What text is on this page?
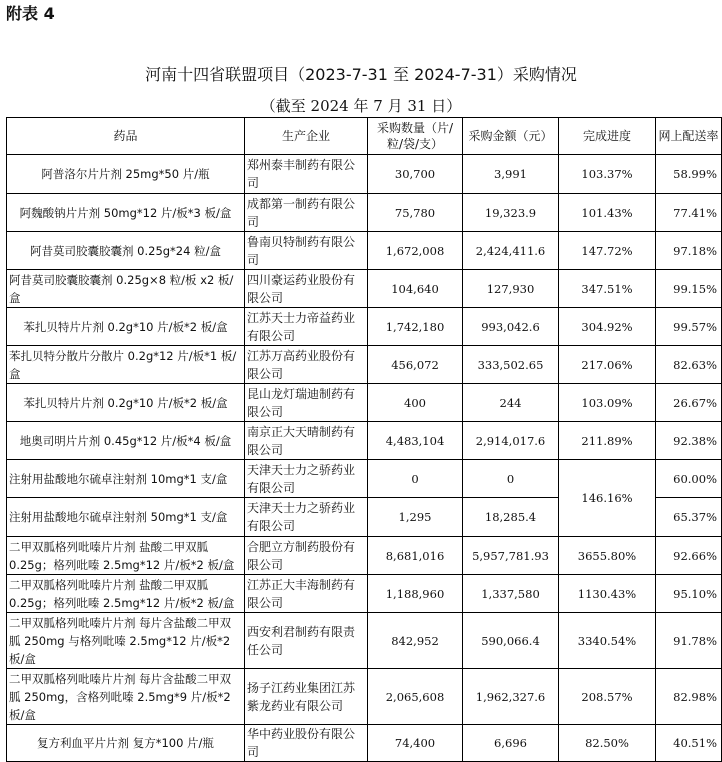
附表 4
河南十四省联盟项目（2023-7-31 至 2024-7-31）采购情况
（截至 2024 年 7 月 31 日）
药品	生产企业	采购数量（片/粒/袋/支）	采购金额（元）	完成进度	网上配送率
阿普洛尔片片剂 25mg*50 片/瓶	郑州泰丰制药有限公司	30,700	3,991	103.37%	58.99%
阿魏酸钠片片剂 50mg*12 片/板*3 板/盒	成都第一制药有限公司	75,780	19,323.9	101.43%	77.41%
阿昔莫司胶囊胶囊剂 0.25g*24 粒/盒	鲁南贝特制药有限公司	1,672,008	2,424,411.6	147.72%	97.18%
阿昔莫司胶囊胶囊剂 0.25g×8 粒/板 x2 板/盒	四川豪运药业股份有限公司	104,640	127,930	347.51%	99.15%
苯扎贝特片片剂 0.2g*10 片/板*2 板/盒	江苏天士力帝益药业有限公司	1,742,180	993,042.6	304.92%	99.57%
苯扎贝特分散片分散片 0.2g*12 片/板*1 板/盒	江苏万高药业股份有限公司	456,072	333,502.65	217.06%	82.63%
苯扎贝特片片剂 0.2g*10 片/板*2 板/盒	昆山龙灯瑞迪制药有限公司	400	244	103.09%	26.67%
地奥司明片片剂 0.45g*12 片/板*4 板/盒	南京正大天晴制药有限公司	4,483,104	2,914,017.6	211.89%	92.38%
注射用盐酸地尔硫卓注射剂 10mg*1 支/盒	天津天士力之骄药业有限公司	0	0	146.16%	60.00%
注射用盐酸地尔硫卓注射剂 50mg*1 支/盒	天津天士力之骄药业有限公司	1,295	18,285.4		65.37%
二甲双胍格列吡嗪片片剂 盐酸二甲双胍 0.25g；格列吡嗪 2.5mg*12 片/板*2 板/盒	合肥立方制药股份有限公司	8,681,016	5,957,781.93	3655.80%	92.66%
二甲双胍格列吡嗪片片剂 盐酸二甲双胍 0.25g；格列吡嗪 2.5mg*12 片/板*2 板/盒	江苏正大丰海制药有限公司	1,188,960	1,337,580	1130.43%	95.10%
二甲双胍格列吡嗪片片剂 每片含盐酸二甲双胍 250mg 与格列吡嗪 2.5mg*12 片/板*2 板/盒	西安利君制药有限责任公司	842,952	590,066.4	3340.54%	91.78%
二甲双胍格列吡嗪片片剂 每片含盐酸二甲双胍 250mg，含格列吡嗪 2.5mg*9 片/板*2 板/盒	扬子江药业集团江苏紫龙药业有限公司	2,065,608	1,962,327.6	208.57%	82.98%
复方利血平片片剂 复方*100 片/瓶	华中药业股份有限公司	74,400	6,696	82.50%	40.51%
